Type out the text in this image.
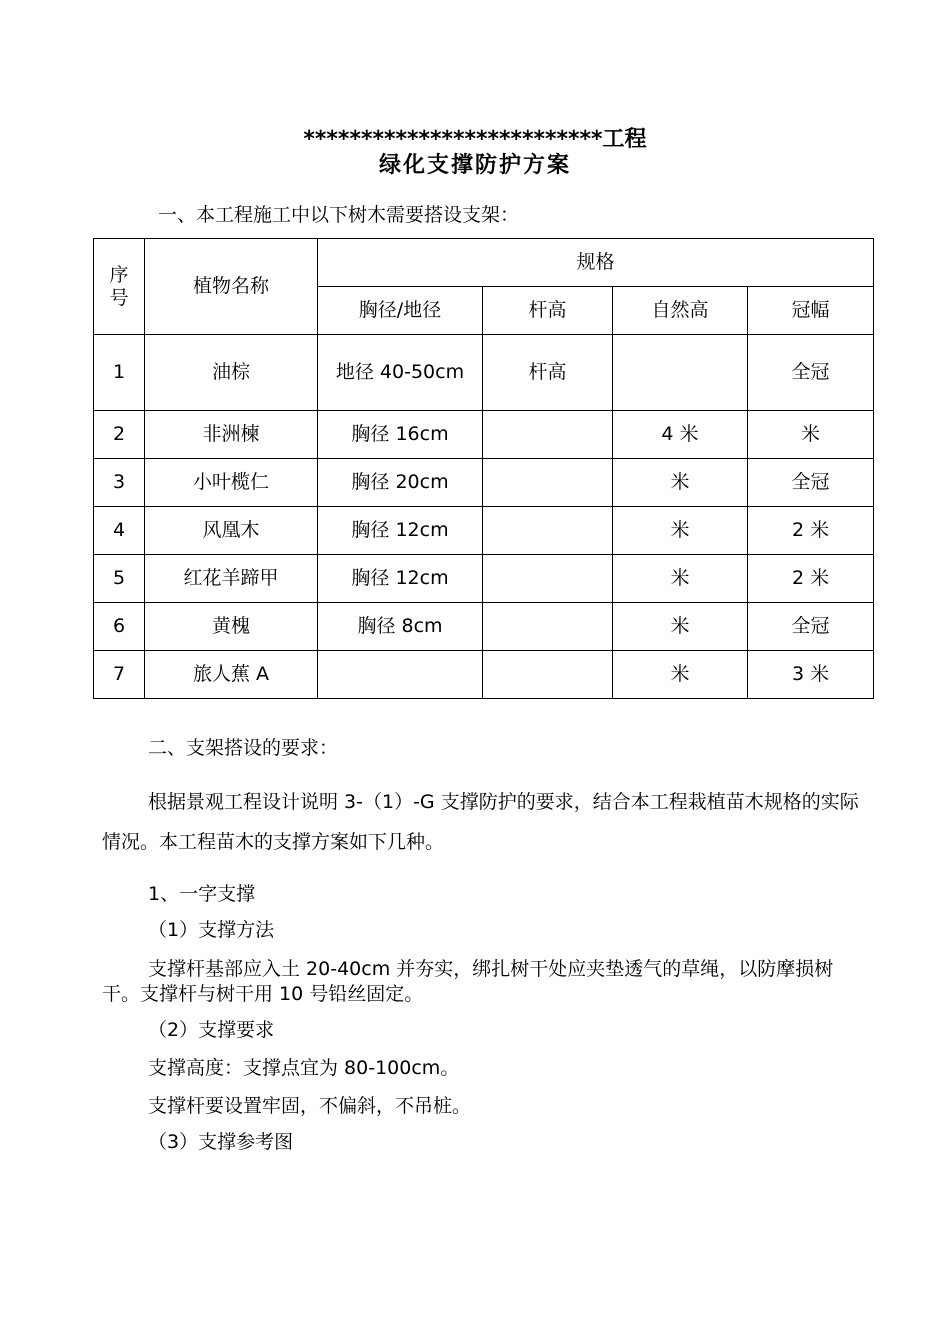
**************************工程
绿化支撑防护方案
一、本工程施工中以下树木需要搭设支架：
序号	植物名称	规格			
		胸径/地径	杆高	自然高	冠幅
1	油棕	地径 40-50cm	杆高		全冠
2	非洲楝	胸径 16cm		4 米	米
3	小叶榄仁	胸径 20cm		米	全冠
4	风凰木	胸径 12cm		米	2 米
5	红花羊蹄甲	胸径 12cm		米	2 米
6	黄槐	胸径 8cm		米	全冠
7	旅人蕉 A			米	3 米
二、支架搭设的要求：
根据景观工程设计说明 3-（1）-G 支撑防护的要求，结合本工程栽植苗木规格的实际情况。本工程苗木的支撑方案如下几种。
1、一字支撑
（1）支撑方法
支撑杆基部应入土 20-40cm 并夯实，绑扎树干处应夹垫透气的草绳，以防摩损树干。支撑杆与树干用 10 号铅丝固定。
（2）支撑要求
支撑高度：支撑点宜为 80-100cm。
支撑杆要设置牢固，不偏斜，不吊桩。
（3）支撑参考图
